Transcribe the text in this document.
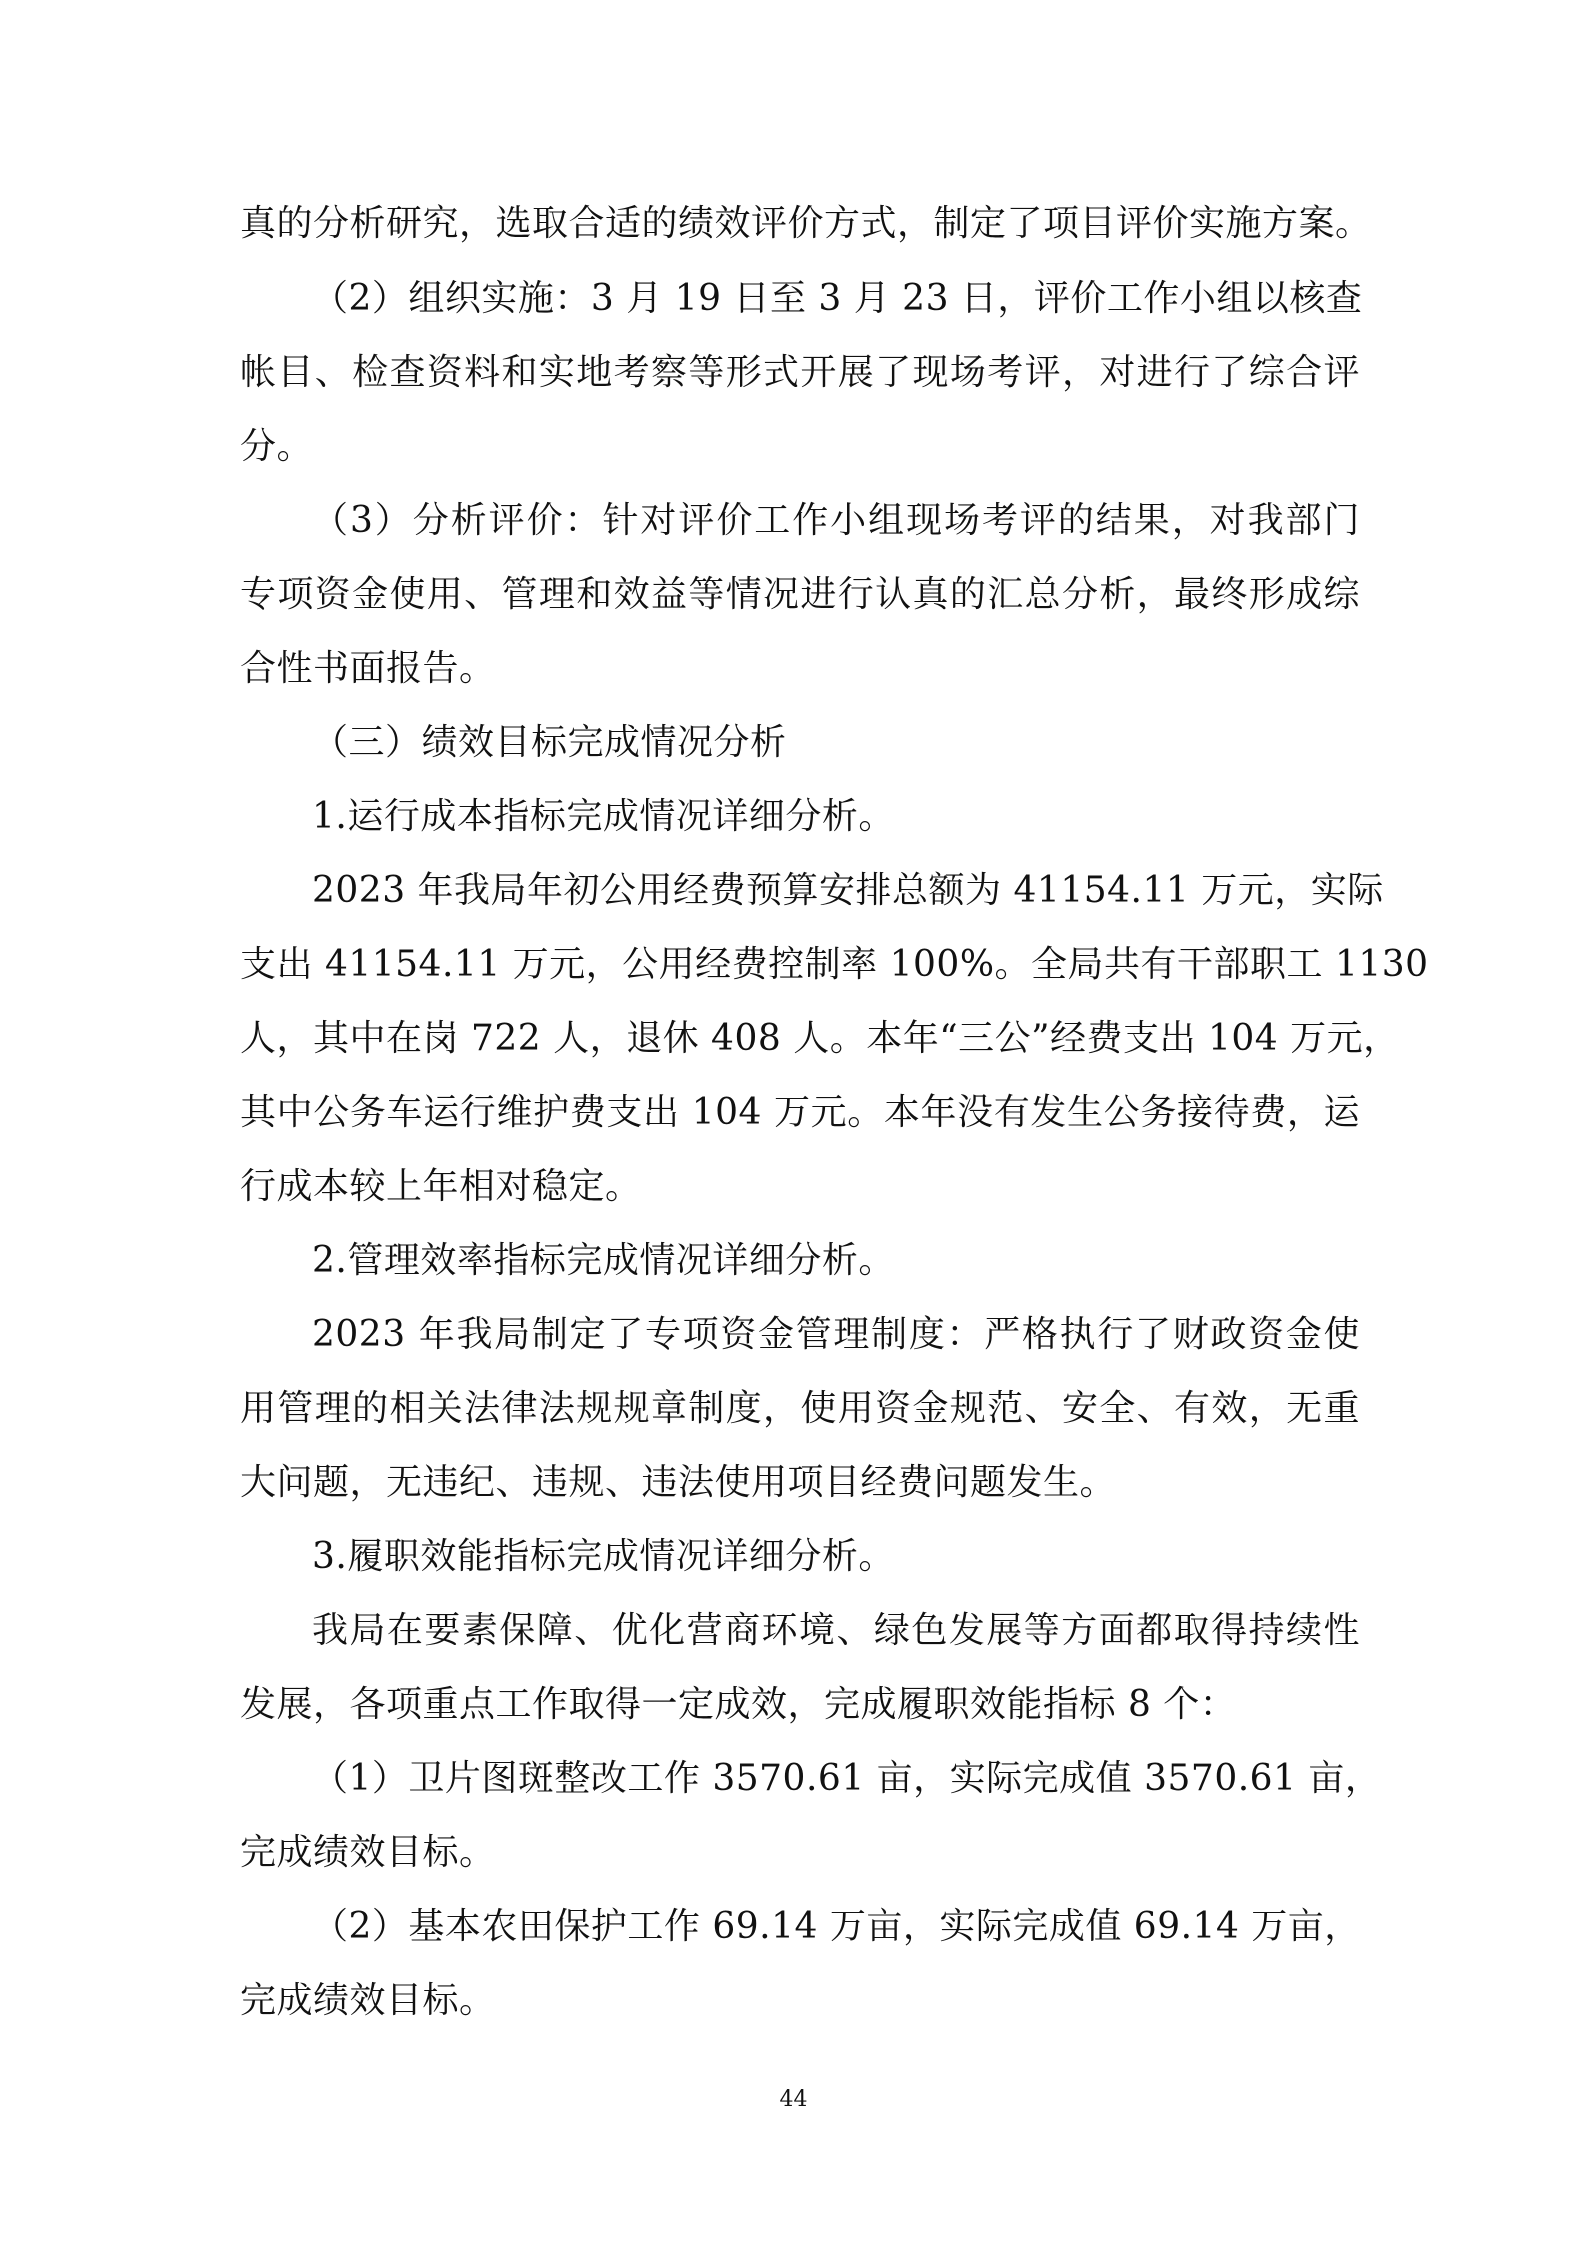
真的分析研究，选取合适的绩效评价方式，制定了项目评价实施方案。
（2）组织实施：3 月 19 日至 3 月 23 日，评价工作小组以核查
帐目、检查资料和实地考察等形式开展了现场考评，对进行了综合评
分。
（3）分析评价：针对评价工作小组现场考评的结果，对我部门
专项资金使用、管理和效益等情况进行认真的汇总分析，最终形成综
合性书面报告。
（三）绩效目标完成情况分析
1.运行成本指标完成情况详细分析。
2023 年我局年初公用经费预算安排总额为 41154.11 万元，实际
支出 41154.11 万元，公用经费控制率 100%。全局共有干部职工 1130
人，其中在岗 722 人，退休 408 人。本年“三公”经费支出 104 万元，
其中公务车运行维护费支出 104 万元。本年没有发生公务接待费，运
行成本较上年相对稳定。
2.管理效率指标完成情况详细分析。
2023 年我局制定了专项资金管理制度：严格执行了财政资金使
用管理的相关法律法规规章制度，使用资金规范、安全、有效，无重
大问题，无违纪、违规、违法使用项目经费问题发生。
3.履职效能指标完成情况详细分析。
我局在要素保障、优化营商环境、绿色发展等方面都取得持续性
发展，各项重点工作取得一定成效，完成履职效能指标 8 个：
（1）卫片图斑整改工作 3570.61 亩，实际完成值 3570.61 亩，
完成绩效目标。
（2）基本农田保护工作 69.14 万亩，实际完成值 69.14 万亩，
完成绩效目标。
44
